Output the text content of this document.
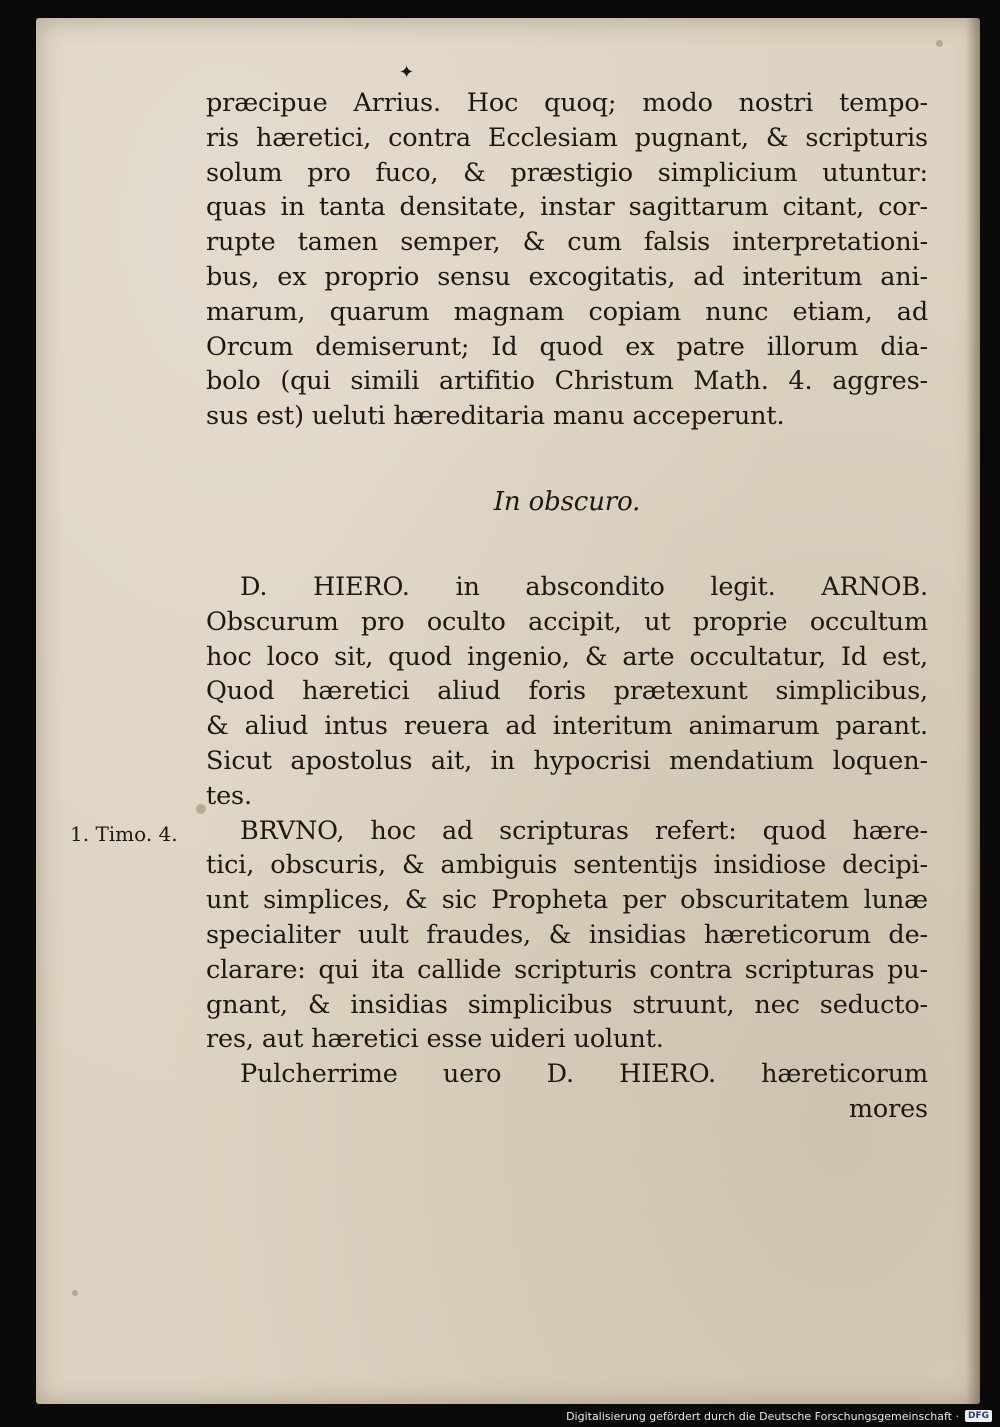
✦
præcipue Arrius. Hoc quoq; modo nostri tempo-
ris hæretici, contra Ecclesiam pugnant, & scripturis
solum pro fuco, & præstigio simplicium utuntur:
quas in tanta densitate, instar sagittarum citant, cor-
rupte tamen semper, & cum falsis interpretationi-
bus, ex proprio sensu excogitatis, ad interitum ani-
marum, quarum magnam copiam nunc etiam, ad
Orcum demiserunt; Id quod ex patre illorum dia-
bolo (qui simili artifitio Christum Math. 4. aggres-
sus est) ueluti hæreditaria manu acceperunt.
In obscuro.
D. HIERO. in abscondito legit. ARNOB.
Obscurum pro oculto accipit, ut proprie occultum
hoc loco sit, quod ingenio, & arte occultatur, Id est,
Quod hæretici aliud foris prætexunt simplicibus,
& aliud intus reuera ad interitum animarum parant.
Sicut apostolus ait, in hypocrisi mendatium loquen-
tes.
BRVNO, hoc ad scripturas refert: quod hære-
tici, obscuris, & ambiguis sententijs insidiose decipi-
unt simplices, & sic Propheta per obscuritatem lunæ
specialiter uult fraudes, & insidias hæreticorum de-
clarare: qui ita callide scripturis contra scripturas pu-
gnant, & insidias simplicibus struunt, nec seducto-
res, aut hæretici esse uideri uolunt.
Pulcherrime uero D. HIERO. hæreticorum
mores
1. Timo. 4.
Digitalisierung gefördert durch die Deutsche Forschungsgemeinschaft ·	DFG
